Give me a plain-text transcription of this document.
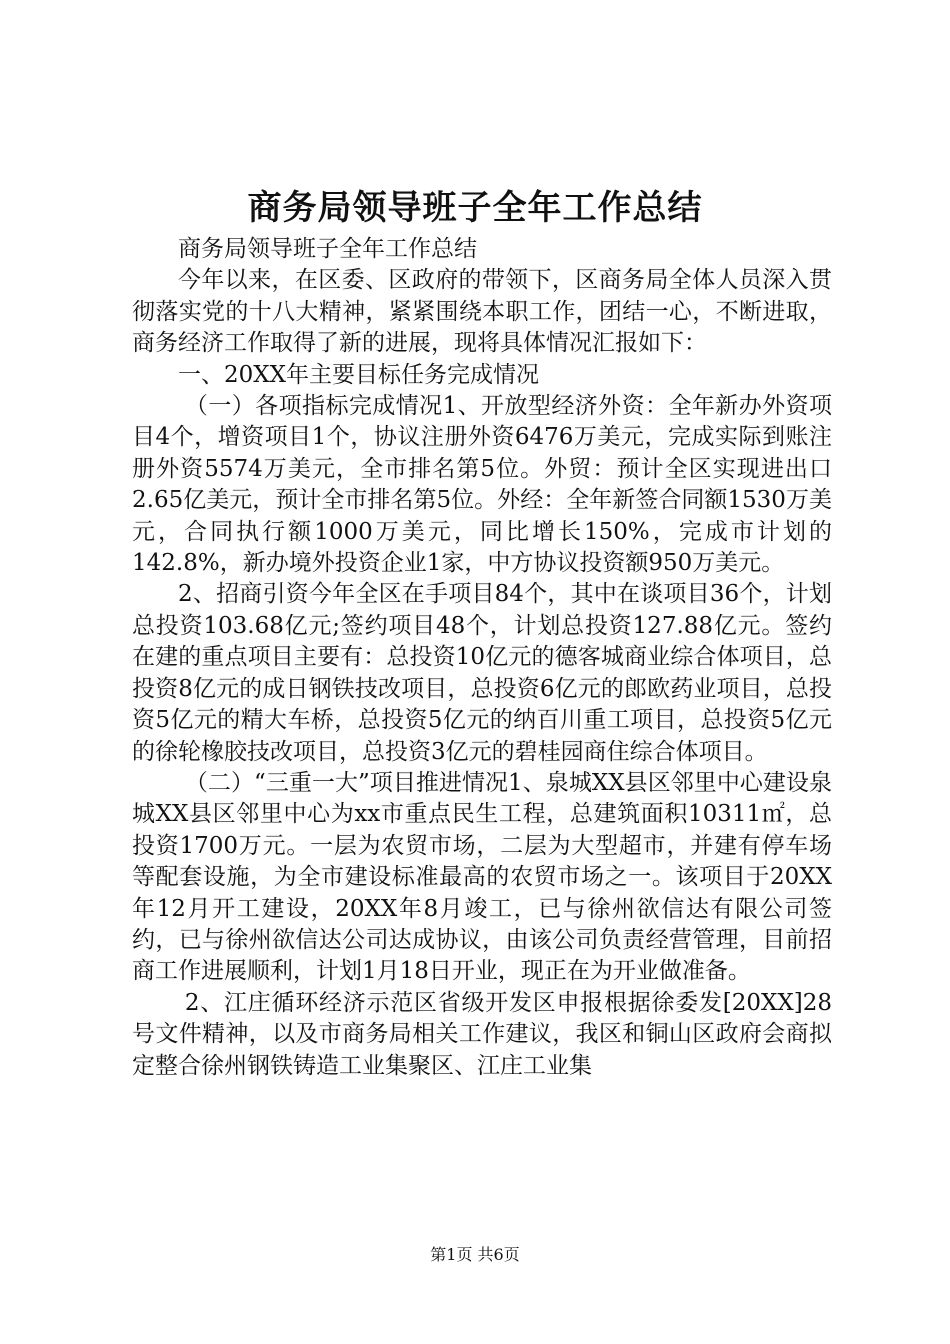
商务局领导班子全年工作总结

商务局领导班子全年工作总结

今年以来，在区委、区政府的带领下，区商务局全体人员深入贯彻落实党的十八大精神，紧紧围绕本职工作，团结一心，不断进取，商务经济工作取得了新的进展，现将具体情况汇报如下：

一、20XX年主要目标任务完成情况

（一）各项指标完成情况1、开放型经济外资：全年新办外资项目4个，增资项目1个，协议注册外资6476万美元，完成实际到账注册外资5574万美元，全市排名第5位。外贸：预计全区实现进出口2.65亿美元，预计全市排名第5位。外经：全年新签合同额1530万美元，合同执行额1000万美元，同比增长150%，完成市计划的142.8%，新办境外投资企业1家，中方协议投资额950万美元。

2、招商引资今年全区在手项目84个，其中在谈项目36个，计划总投资103.68亿元;签约项目48个，计划总投资127.88亿元。签约在建的重点项目主要有：总投资10亿元的德客城商业综合体项目，总投资8亿元的成日钢铁技改项目，总投资6亿元的郎欧药业项目，总投资5亿元的精大车桥，总投资5亿元的纳百川重工项目，总投资5亿元的徐轮橡胶技改项目，总投资3亿元的碧桂园商住综合体项目。

（二）“三重一大”项目推进情况1、泉城XX县区邻里中心建设泉城XX县区邻里中心为xx市重点民生工程，总建筑面积10311㎡，总投资1700万元。一层为农贸市场，二层为大型超市，并建有停车场等配套设施，为全市建设标准最高的农贸市场之一。该项目于20XX年12月开工建设，20XX年8月竣工，已与徐州欲信达有限公司签约，已与徐州欲信达公司达成协议，由该公司负责经营管理，目前招商工作进展顺利，计划1月18日开业，现正在为开业做准备。

2、江庄循环经济示范区省级开发区申报根据徐委发[20XX]28号文件精神，以及市商务局相关工作建议，我区和铜山区政府会商拟定整合徐州钢铁铸造工业集聚区、江庄工业集

第1页 共6页
